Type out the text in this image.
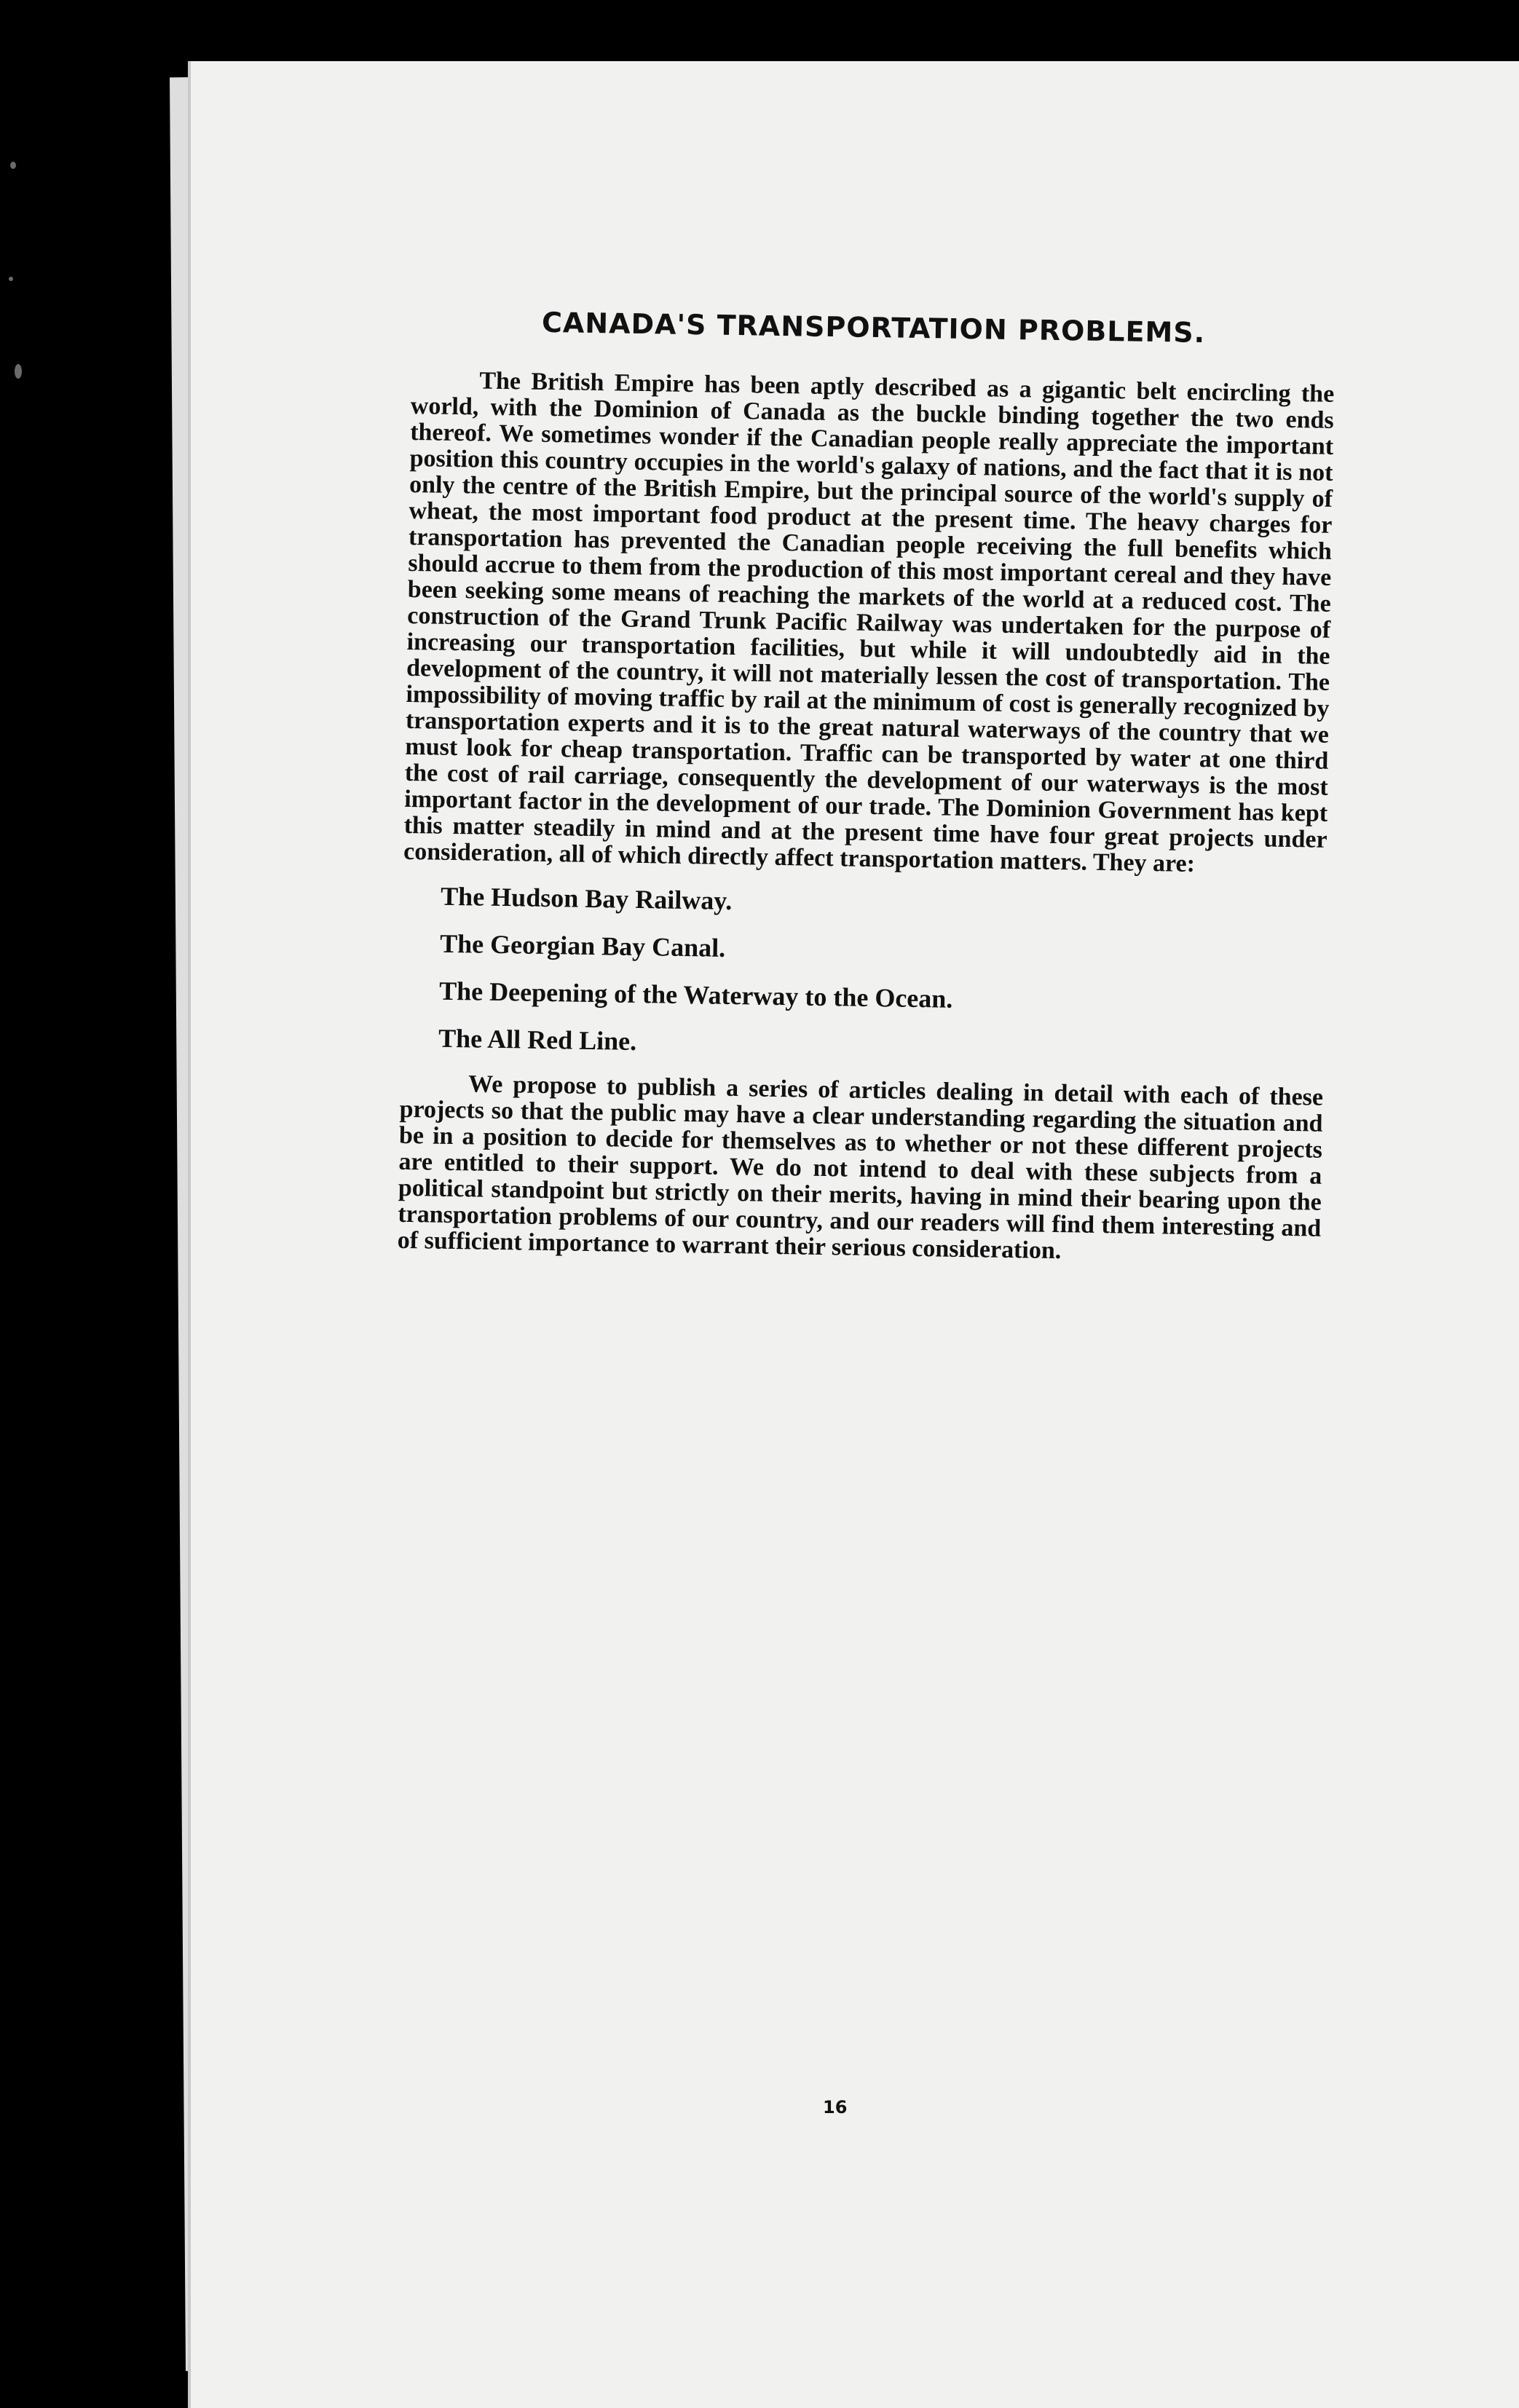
CANADA'S TRANSPORTATION PROBLEMS.

The British Empire has been aptly described as a gigantic belt encircling the world, with the Dominion of Canada as the buckle binding together the two ends thereof. We sometimes wonder if the Canadian people really appreciate the important position this country occupies in the world's galaxy of nations, and the fact that it is not only the centre of the British Empire, but the principal source of the world's supply of wheat, the most important food product at the present time. The heavy charges for transportation has prevented the Canadian people receiving the full benefits which should accrue to them from the production of this most important cereal and they have been seeking some means of reaching the markets of the world at a reduced cost. The construction of the Grand Trunk Pacific Railway was undertaken for the purpose of increasing our transportation facilities, but while it will undoubtedly aid in the development of the country, it will not materially lessen the cost of transportation. The impossibility of moving traffic by rail at the minimum of cost is generally recognized by transportation experts and it is to the great natural waterways of the country that we must look for cheap transportation. Traffic can be transported by water at one third the cost of rail carriage, consequently the development of our waterways is the most important factor in the development of our trade. The Dominion Government has kept this matter steadily in mind and at the present time have four great projects under consideration, all of which directly affect transportation matters. They are:

The Hudson Bay Railway.
The Georgian Bay Canal.
The Deepening of the Waterway to the Ocean.
The All Red Line.

We propose to publish a series of articles dealing in detail with each of these projects so that the public may have a clear understanding regarding the situation and be in a position to decide for themselves as to whether or not these different projects are entitled to their support. We do not intend to deal with these subjects from a political standpoint but strictly on their merits, having in mind their bearing upon the transportation problems of our country, and our readers will find them interesting and of sufficient importance to warrant their serious consideration.

16
